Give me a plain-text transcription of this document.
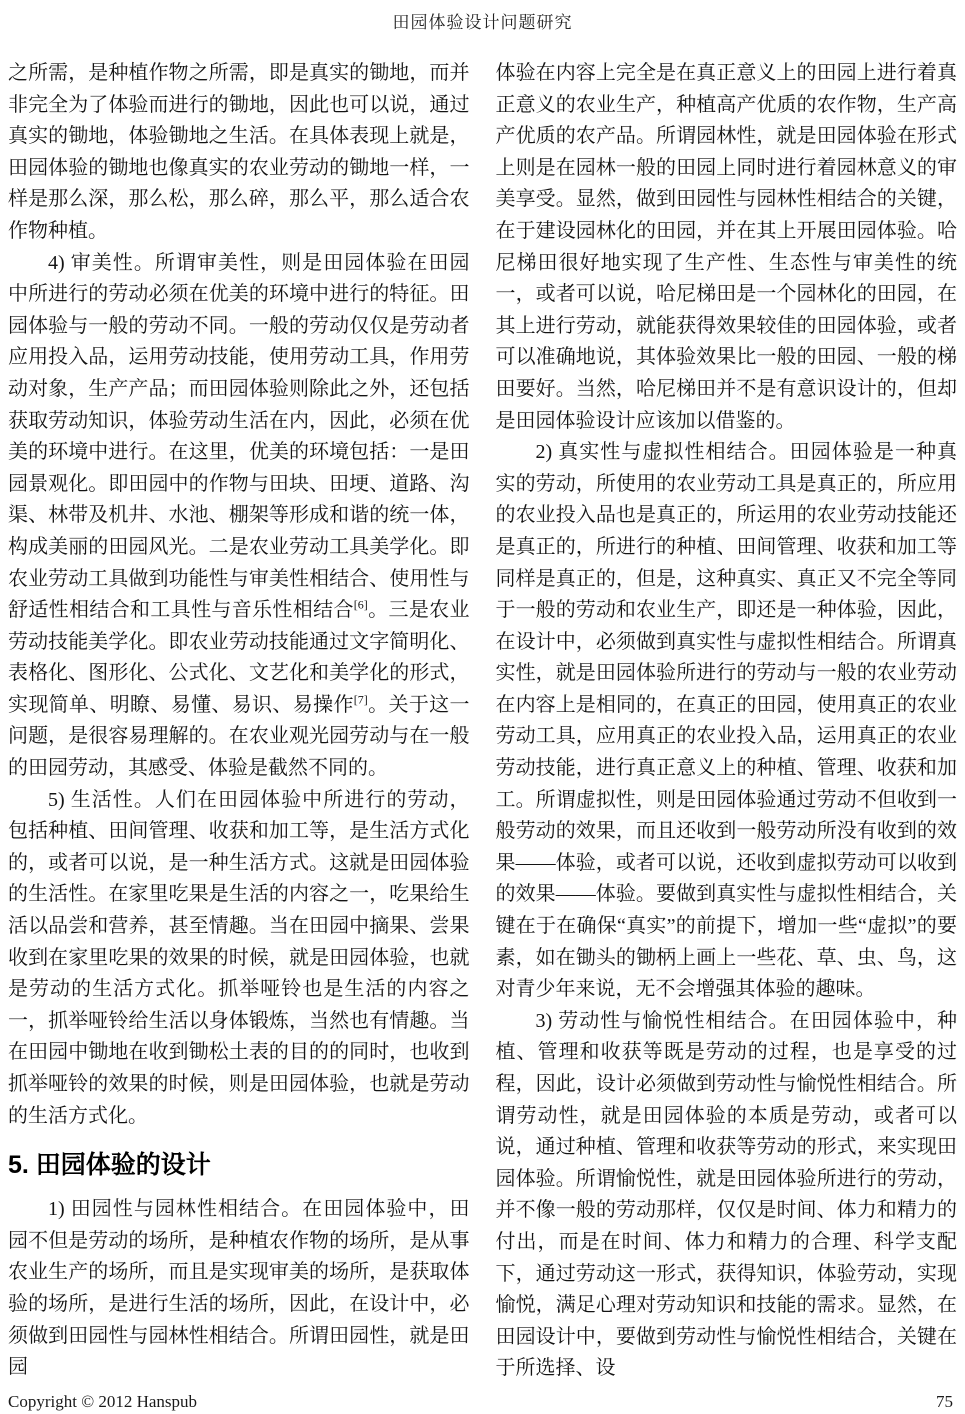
田园体验设计问题研究

之所需，是种植作物之所需，即是真实的锄地，而并非完全为了体验而进行的锄地，因此也可以说，通过真实的锄地，体验锄地之生活。在具体表现上就是，田园体验的锄地也像真实的农业劳动的锄地一样，一样是那么深，那么松，那么碎，那么平，那么适合农作物种植。

4) 审美性。所谓审美性，则是田园体验在田园中所进行的劳动必须在优美的环境中进行的特征。田园体验与一般的劳动不同。一般的劳动仅仅是劳动者应用投入品，运用劳动技能，使用劳动工具，作用劳动对象，生产产品；而田园体验则除此之外，还包括获取劳动知识，体验劳动生活在内，因此，必须在优美的环境中进行。在这里，优美的环境包括：一是田园景观化。即田园中的作物与田块、田埂、道路、沟渠、林带及机井、水池、棚架等形成和谐的统一体，构成美丽的田园风光。二是农业劳动工具美学化。即农业劳动工具做到功能性与审美性相结合、使用性与舒适性相结合和工具性与音乐性相结合[6]。三是农业劳动技能美学化。即农业劳动技能通过文字简明化、表格化、图形化、公式化、文艺化和美学化的形式，实现简单、明瞭、易懂、易识、易操作[7]。关于这一问题，是很容易理解的。在农业观光园劳动与在一般的田园劳动，其感受、体验是截然不同的。

5) 生活性。人们在田园体验中所进行的劳动，包括种植、田间管理、收获和加工等，是生活方式化的，或者可以说，是一种生活方式。这就是田园体验的生活性。在家里吃果是生活的内容之一，吃果给生活以品尝和营养，甚至情趣。当在田园中摘果、尝果收到在家里吃果的效果的时候，就是田园体验，也就是劳动的生活方式化。抓举哑铃也是生活的内容之一，抓举哑铃给生活以身体锻炼，当然也有情趣。当在田园中锄地在收到锄松土表的目的的同时，也收到抓举哑铃的效果的时候，则是田园体验，也就是劳动的生活方式化。

5. 田园体验的设计

1) 田园性与园林性相结合。在田园体验中，田园不但是劳动的场所，是种植农作物的场所，是从事农业生产的场所，而且是实现审美的场所，是获取体验的场所，是进行生活的场所，因此，在设计中，必须做到田园性与园林性相结合。所谓田园性，就是田园

体验在内容上完全是在真正意义上的田园上进行着真正意义的农业生产，种植高产优质的农作物，生产高产优质的农产品。所谓园林性，就是田园体验在形式上则是在园林一般的田园上同时进行着园林意义的审美享受。显然，做到田园性与园林性相结合的关键，在于建设园林化的田园，并在其上开展田园体验。哈尼梯田很好地实现了生产性、生态性与审美性的统一，或者可以说，哈尼梯田是一个园林化的田园，在其上进行劳动，就能获得效果较佳的田园体验，或者可以准确地说，其体验效果比一般的田园、一般的梯田要好。当然，哈尼梯田并不是有意识设计的，但却是田园体验设计应该加以借鉴的。

2) 真实性与虚拟性相结合。田园体验是一种真实的劳动，所使用的农业劳动工具是真正的，所应用的农业投入品也是真正的，所运用的农业劳动技能还是真正的，所进行的种植、田间管理、收获和加工等同样是真正的，但是，这种真实、真正又不完全等同于一般的劳动和农业生产，即还是一种体验，因此，在设计中，必须做到真实性与虚拟性相结合。所谓真实性，就是田园体验所进行的劳动与一般的农业劳动在内容上是相同的，在真正的田园，使用真正的农业劳动工具，应用真正的农业投入品，运用真正的农业劳动技能，进行真正意义上的种植、管理、收获和加工。所谓虚拟性，则是田园体验通过劳动不但收到一般劳动的效果，而且还收到一般劳动所没有收到的效果——体验，或者可以说，还收到虚拟劳动可以收到的效果——体验。要做到真实性与虚拟性相结合，关键在于在确保“真实”的前提下，增加一些“虚拟”的要素，如在锄头的锄柄上画上一些花、草、虫、鸟，这对青少年来说，无不会增强其体验的趣味。

3) 劳动性与愉悦性相结合。在田园体验中，种植、管理和收获等既是劳动的过程，也是享受的过程，因此，设计必须做到劳动性与愉悦性相结合。所谓劳动性，就是田园体验的本质是劳动，或者可以说，通过种植、管理和收获等劳动的形式，来实现田园体验。所谓愉悦性，就是田园体验所进行的劳动，并不像一般的劳动那样，仅仅是时间、体力和精力的付出，而是在时间、体力和精力的合理、科学支配下，通过劳动这一形式，获得知识，体验劳动，实现愉悦，满足心理对劳动知识和技能的需求。显然，在田园设计中，要做到劳动性与愉悦性相结合，关键在于所选择、设

Copyright © 2012 Hanspub	75
